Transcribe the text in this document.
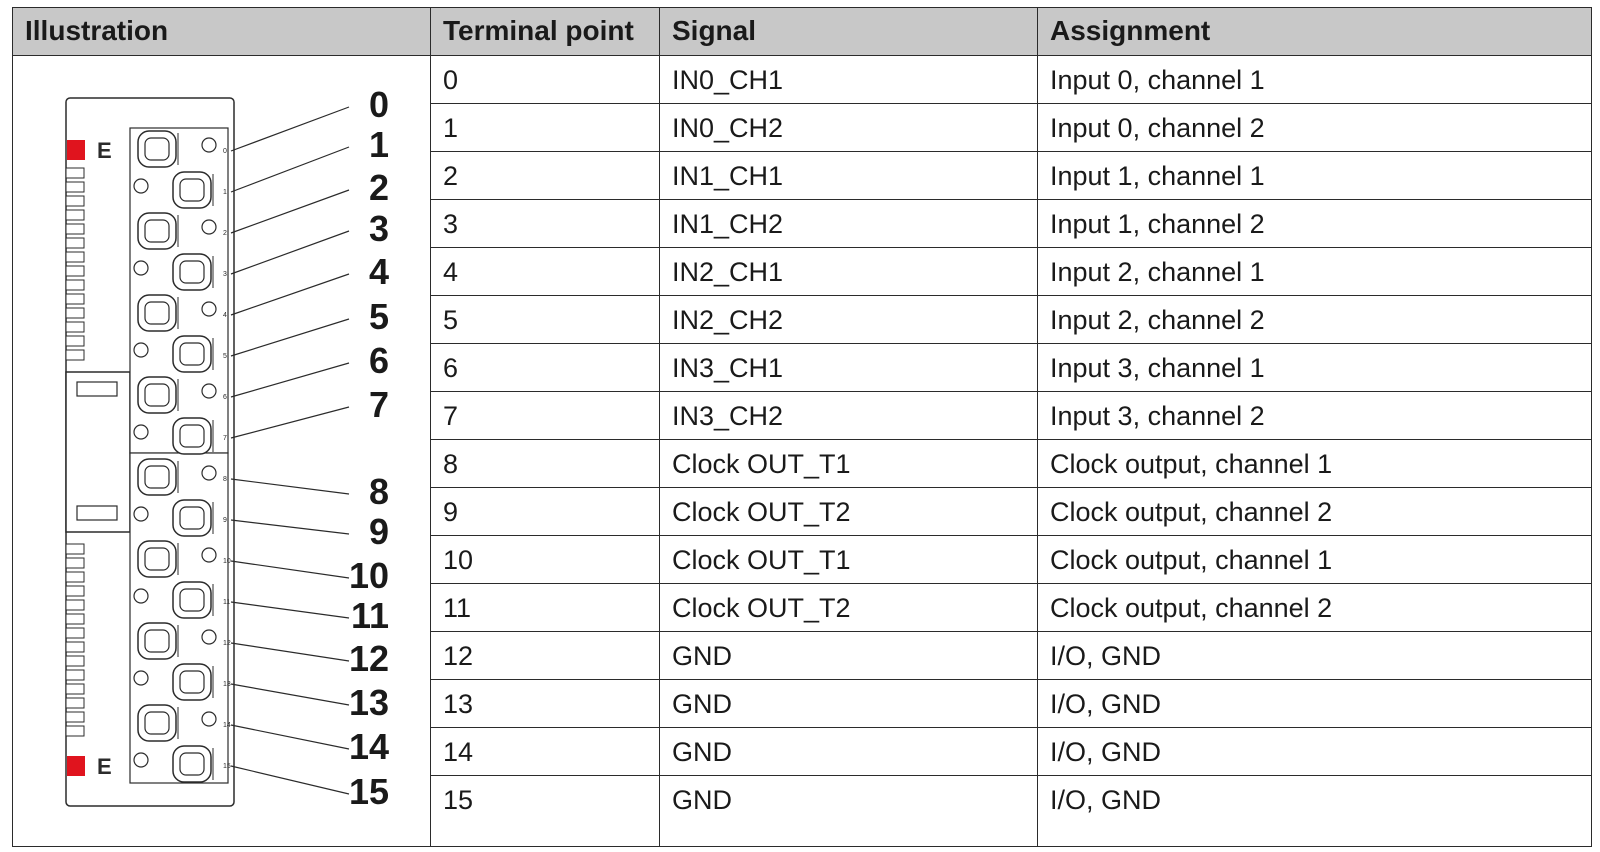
Illustration	Terminal point	Signal	Assignment
0	IN0_CH1	Input 0, channel 1
1	IN0_CH2	Input 0, channel 2
2	IN1_CH1	Input 1, channel 1
3	IN1_CH2	Input 1, channel 2
4	IN2_CH1	Input 2, channel 1
5	IN2_CH2	Input 2, channel 2
6	IN3_CH1	Input 3, channel 1
7	IN3_CH2	Input 3, channel 2
8	Clock OUT_T1	Clock output, channel 1
9	Clock OUT_T2	Clock output, channel 2
10	Clock OUT_T1	Clock output, channel 1
11	Clock OUT_T2	Clock output, channel 2
12	GND	I/O, GND
13	GND	I/O, GND
14	GND	I/O, GND
15	GND	I/O, GND
E
E
0
0
1
1
2
2
3
3
4
4
5
5
6
6
7
7
8	8
9	9
10	10
11	11
12	12
13	13
14
14
15
15
